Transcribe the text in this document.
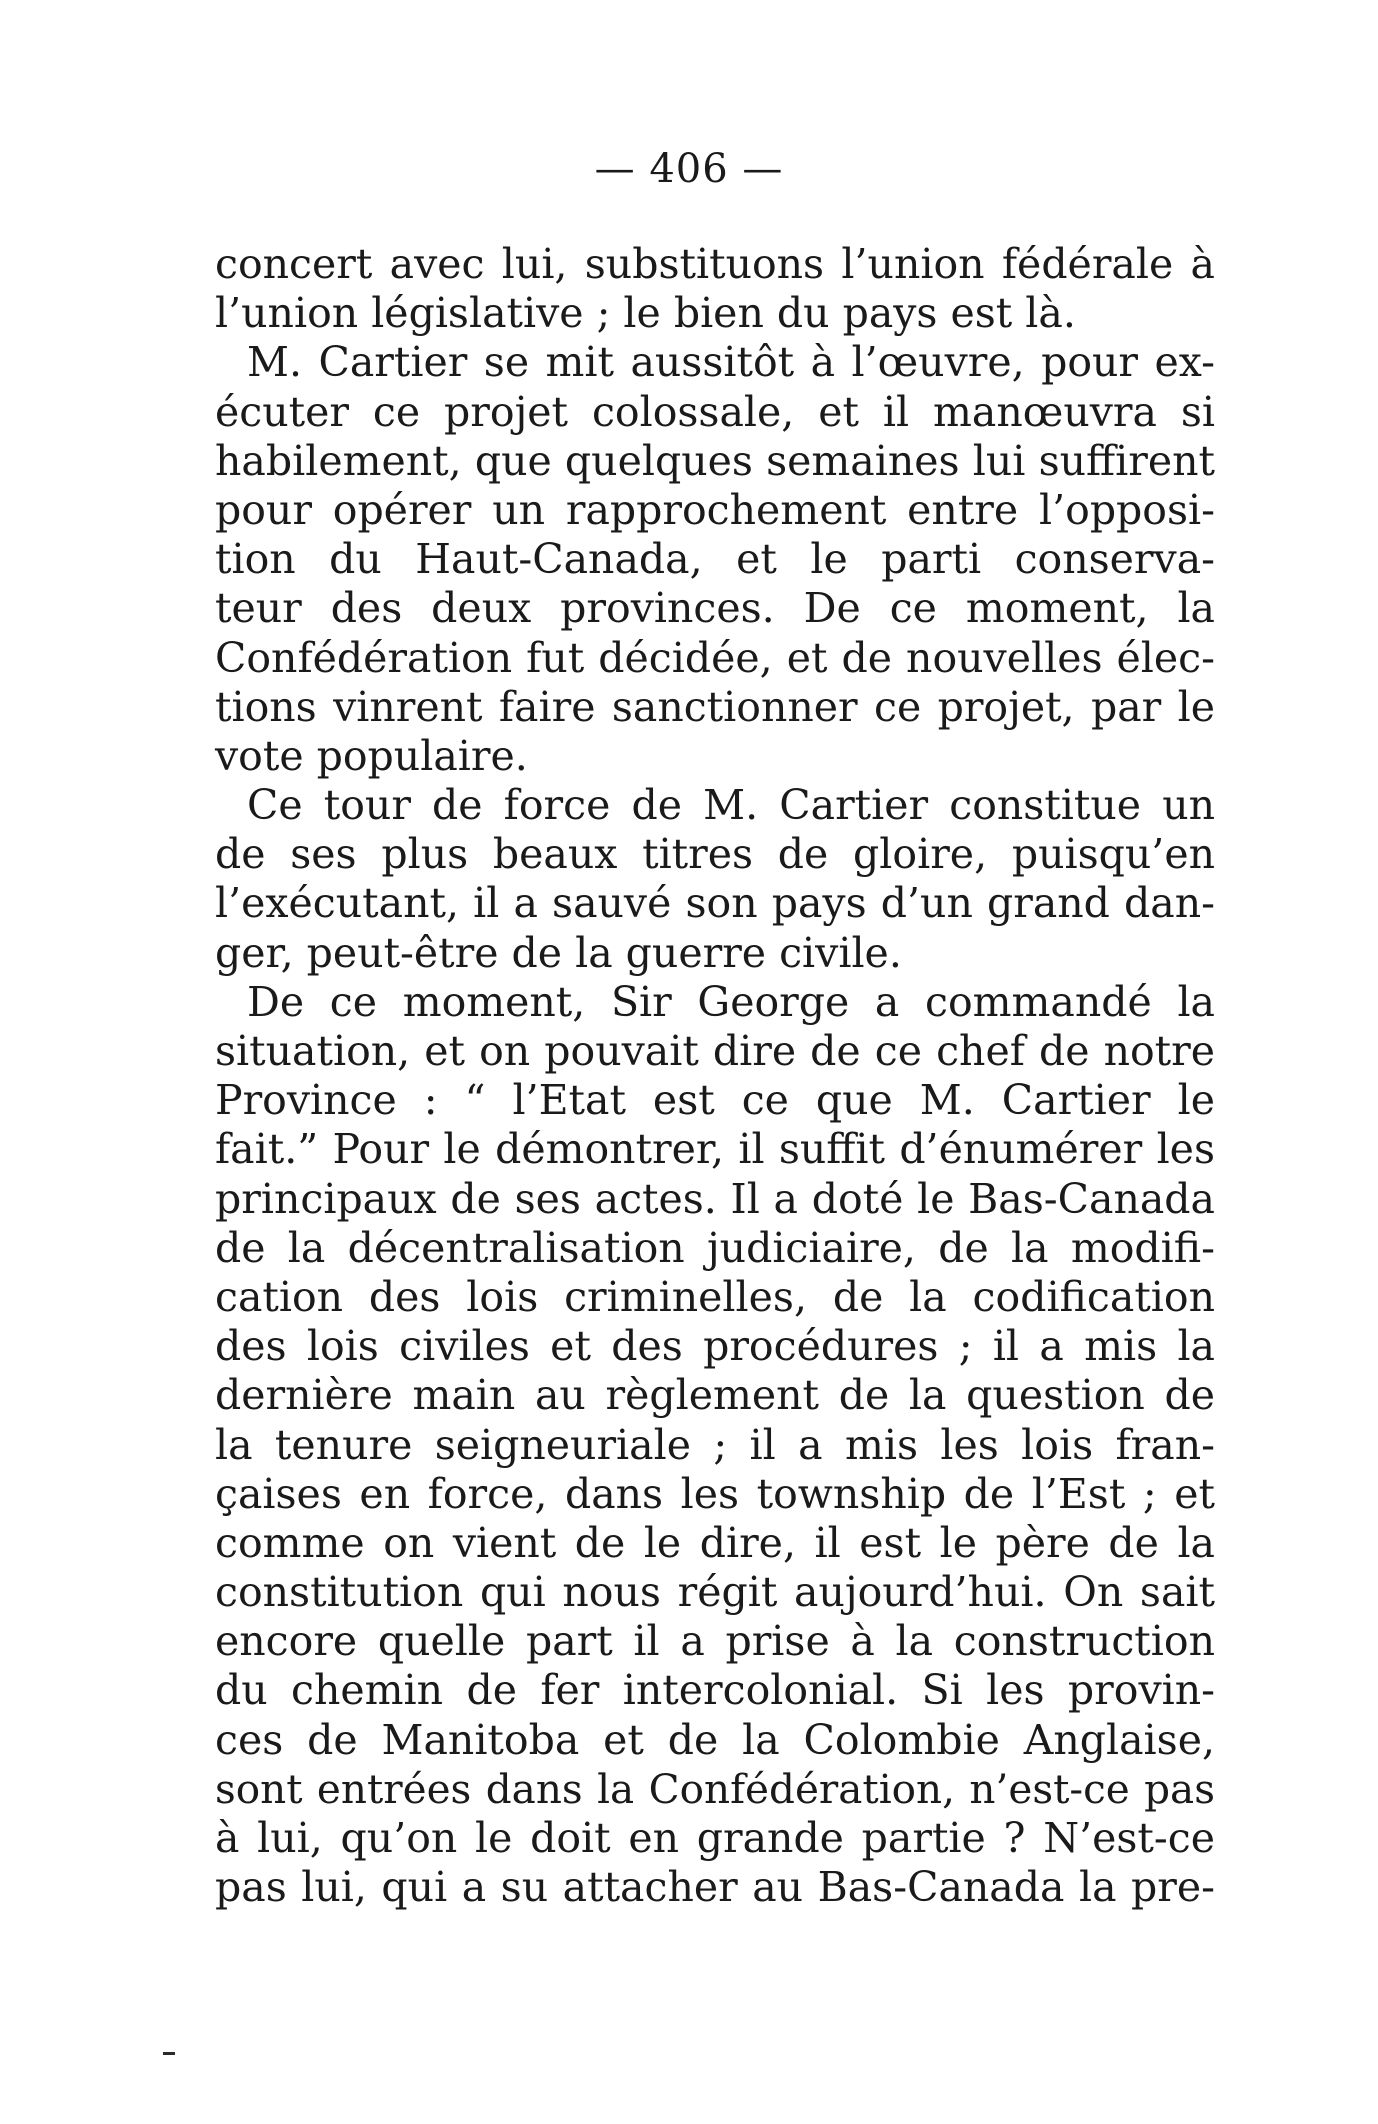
— 406 —
concert avec lui, substituons l’union fédérale à
l’union législative ; le bien du pays est là.
M. Cartier se mit aussitôt à l’œuvre, pour ex-
écuter ce projet colossale, et il manœuvra si
habilement, que quelques semaines lui suffirent
pour opérer un rapprochement entre l’opposi-
tion du Haut-Canada, et le parti conserva-
teur des deux provinces. De ce moment, la
Confédération fut décidée, et de nouvelles élec-
tions vinrent faire sanctionner ce projet, par le
vote populaire.
Ce tour de force de M. Cartier constitue un
de ses plus beaux titres de gloire, puisqu’en
l’exécutant, il a sauvé son pays d’un grand dan-
ger, peut-être de la guerre civile.
De ce moment, Sir George a commandé la
situation, et on pouvait dire de ce chef de notre
Province : “ l’Etat est ce que M. Cartier le
fait.” Pour le démontrer, il suffit d’énumérer les
principaux de ses actes. Il a doté le Bas-Canada
de la décentralisation judiciaire, de la modifi-
cation des lois criminelles, de la codification
des lois civiles et des procédures ; il a mis la
dernière main au règlement de la question de
la tenure seigneuriale ; il a mis les lois fran-
çaises en force, dans les township de l’Est ; et
comme on vient de le dire, il est le père de la
constitution qui nous régit aujourd’hui. On sait
encore quelle part il a prise à la construction
du chemin de fer intercolonial. Si les provin-
ces de Manitoba et de la Colombie Anglaise,
sont entrées dans la Confédération, n’est-ce pas
à lui, qu’on le doit en grande partie ? N’est-ce
pas lui, qui a su attacher au Bas-Canada la pre-
